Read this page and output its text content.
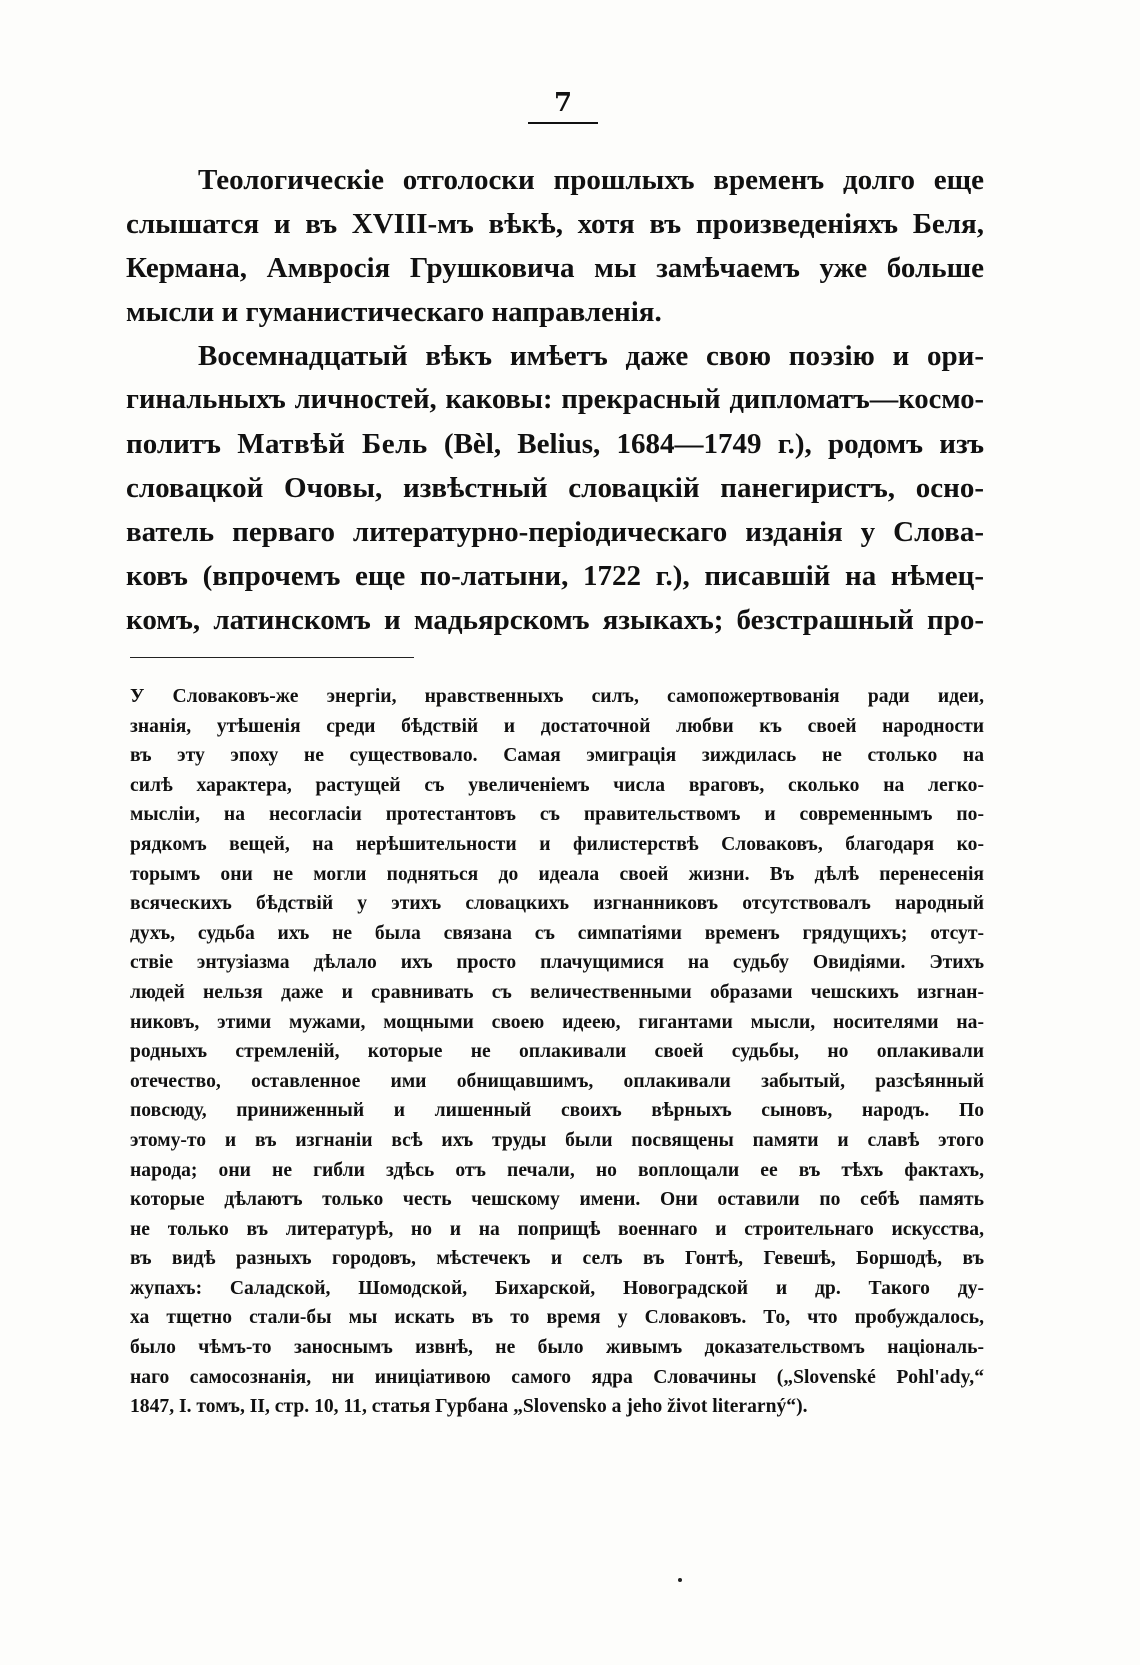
7
Теологическіе отголоски прошлыхъ временъ долго еще
слышатся и въ XVIII-мъ вѣкѣ, хотя въ произведеніяхъ Беля,
Кермана, Амвросія Грушковича мы замѣчаемъ уже больше
мысли и гуманистическаго направленія.
Восемнадцатый вѣкъ имѣетъ даже свою поэзію и ори-
гинальныхъ личностей, каковы: прекрасный дипломатъ—космо-
политъ Матвѣй Бель (Bèl, Belius, 1684—1749 г.), родомъ изъ
словацкой Очовы, извѣстный словацкій панегиристъ, осно-
ватель перваго литературно-періодическаго изданія у Слова-
ковъ (впрочемъ еще по-латыни, 1722 г.), писавшій на нѣмец-
комъ, латинскомъ и мадьярскомъ языкахъ; безстрашный про-
У Словаковъ-же энергіи, нравственныхъ силъ, самопожертвованія ради идеи,
знанія, утѣшенія среди бѣдствій и достаточной любви къ своей народности
въ эту эпоху не существовало. Самая эмиграція зиждилась не столько на
силѣ характера, растущей съ увеличеніемъ числа враговъ, сколько на легко-
мысліи, на несогласіи протестантовъ съ правительствомъ и современнымъ по-
рядкомъ вещей, на нерѣшительности и филистерствѣ Словаковъ, благодаря ко-
торымъ они не могли подняться до идеала своей жизни. Въ дѣлѣ перенесенія
всяческихъ бѣдствій у этихъ словацкихъ изгнанниковъ отсутствовалъ народный
духъ, судьба ихъ не была связана съ симпатіями временъ грядущихъ; отсут-
ствіе энтузіазма дѣлало ихъ просто плачущимися на судьбу Овидіями. Этихъ
людей нельзя даже и сравнивать съ величественными образами чешскихъ изгнан-
никовъ, этими мужами, мощными своею идеею, гигантами мысли, носителями на-
родныхъ стремленій, которые не оплакивали своей судьбы, но оплакивали
отечество, оставленное ими обнищавшимъ, оплакивали забытый, разсѣянный
повсюду, приниженный и лишенный своихъ вѣрныхъ сыновъ, народъ. По
этому-то и въ изгнаніи всѣ ихъ труды были посвящены памяти и славѣ этого
народа; они не гибли здѣсь отъ печали, но воплощали ее въ тѣхъ фактахъ,
которые дѣлаютъ только честь чешскому имени. Они оставили по себѣ память
не только въ литературѣ, но и на поприщѣ военнаго и строительнаго искусства,
въ видѣ разныхъ городовъ, мѣстечекъ и селъ въ Гонтѣ, Гевешѣ, Боршодѣ, въ
жупахъ: Саладской, Шомодской, Бихарской, Новоградской и др. Такого ду-
ха тщетно стали-бы мы искать въ то время у Словаковъ. То, что пробуждалось,
было чѣмъ-то заноснымъ извнѣ, не было живымъ доказательствомъ національ-
наго самосознанія, ни иниціативою самого ядра Словачины („Slovenské Pohl'ady,“
1847, I. томъ, II, стр. 10, 11, статья Гурбана „Slovensko a jeho život literarný“).
